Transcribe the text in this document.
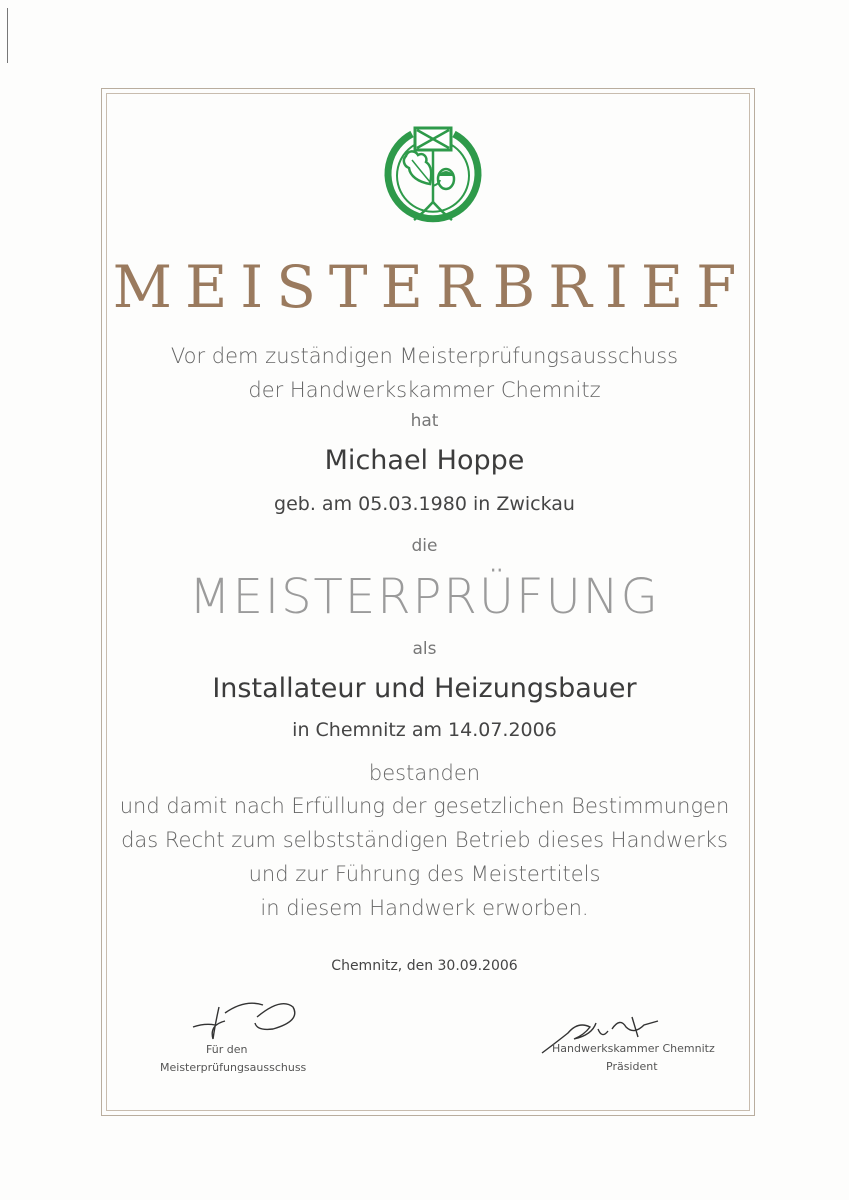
MEISTERBRIEF
Vor dem zuständigen Meisterprüfungsausschuss
der Handwerkskammer Chemnitz
hat
Michael Hoppe
geb. am 05.03.1980 in Zwickau
die
MEISTERPRÜFUNG
als
Installateur und Heizungsbauer
in Chemnitz am 14.07.2006
bestanden
und damit nach Erfüllung der gesetzlichen Bestimmungen
das Recht zum selbstständigen Betrieb dieses Handwerks
und zur Führung des Meistertitels
in diesem Handwerk erworben.
Chemnitz, den 30.09.2006
Für den
Meisterprüfungsausschuss
Handwerkskammer Chemnitz
Präsident
